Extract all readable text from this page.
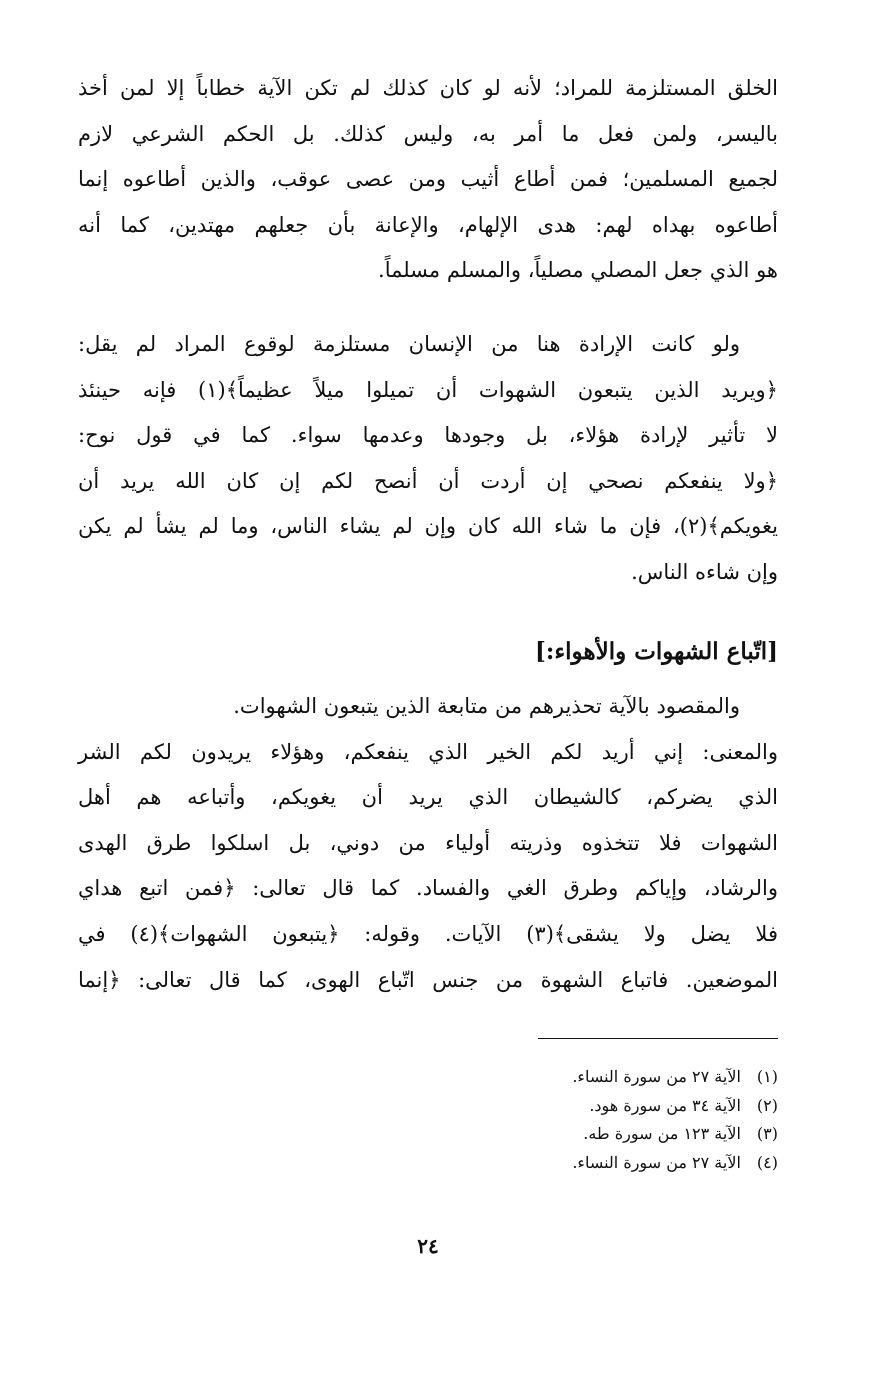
الخلق المستلزمة للمراد؛ لأنه لو كان كذلك لم تكن الآية خطاباً إلا لمن أخذ
باليسر، ولمن فعل ما أمر به، وليس كذلك. بل الحكم الشرعي لازم
لجميع المسلمين؛ فمن أطاع أثيب ومن عصى عوقب، والذين أطاعوه إنما
أطاعوه بهداه لهم: هدى الإلهام، والإعانة بأن جعلهم مهتدين، كما أنه
هو الذي جعل المصلي مصلياً، والمسلم مسلماً.

ولو كانت الإرادة هنا من الإنسان مستلزمة لوقوع المراد لم يقل:
﴿ويريد الذين يتبعون الشهوات أن تميلوا ميلاً عظيماً﴾(١) فإنه حينئذ
لا تأثير لإرادة هؤلاء، بل وجودها وعدمها سواء. كما في قول نوح:
﴿ولا ينفعكم نصحي إن أردت أن أنصح لكم إن كان الله يريد أن
يغويكم﴾(٢)، فإن ما شاء الله كان وإن لم يشاء الناس، وما لم يشأ لم يكن
وإن شاءه الناس.

[اتّباع الشهوات والأهواء:]

والمقصود بالآية تحذيرهم من متابعة الذين يتبعون الشهوات.
والمعنى: إني أريد لكم الخير الذي ينفعكم، وهؤلاء يريدون لكم الشر
الذي يضركم، كالشيطان الذي يريد أن يغويكم، وأتباعه هم أهل
الشهوات فلا تتخذوه وذريته أولياء من دوني، بل اسلكوا طرق الهدى
والرشاد، وإياكم وطرق الغي والفساد. كما قال تعالى: ﴿فمن اتبع هداي
فلا يضل ولا يشقى﴾(٣) الآيات. وقوله: ﴿يتبعون الشهوات﴾(٤) في
الموضعين. فاتباع الشهوة من جنس اتّباع الهوى، كما قال تعالى: ﴿إنما

(١) الآية ٢٧ من سورة النساء.
(٢) الآية ٣٤ من سورة هود.
(٣) الآية ١٢٣ من سورة طه.
(٤) الآية ٢٧ من سورة النساء.
٢٤
